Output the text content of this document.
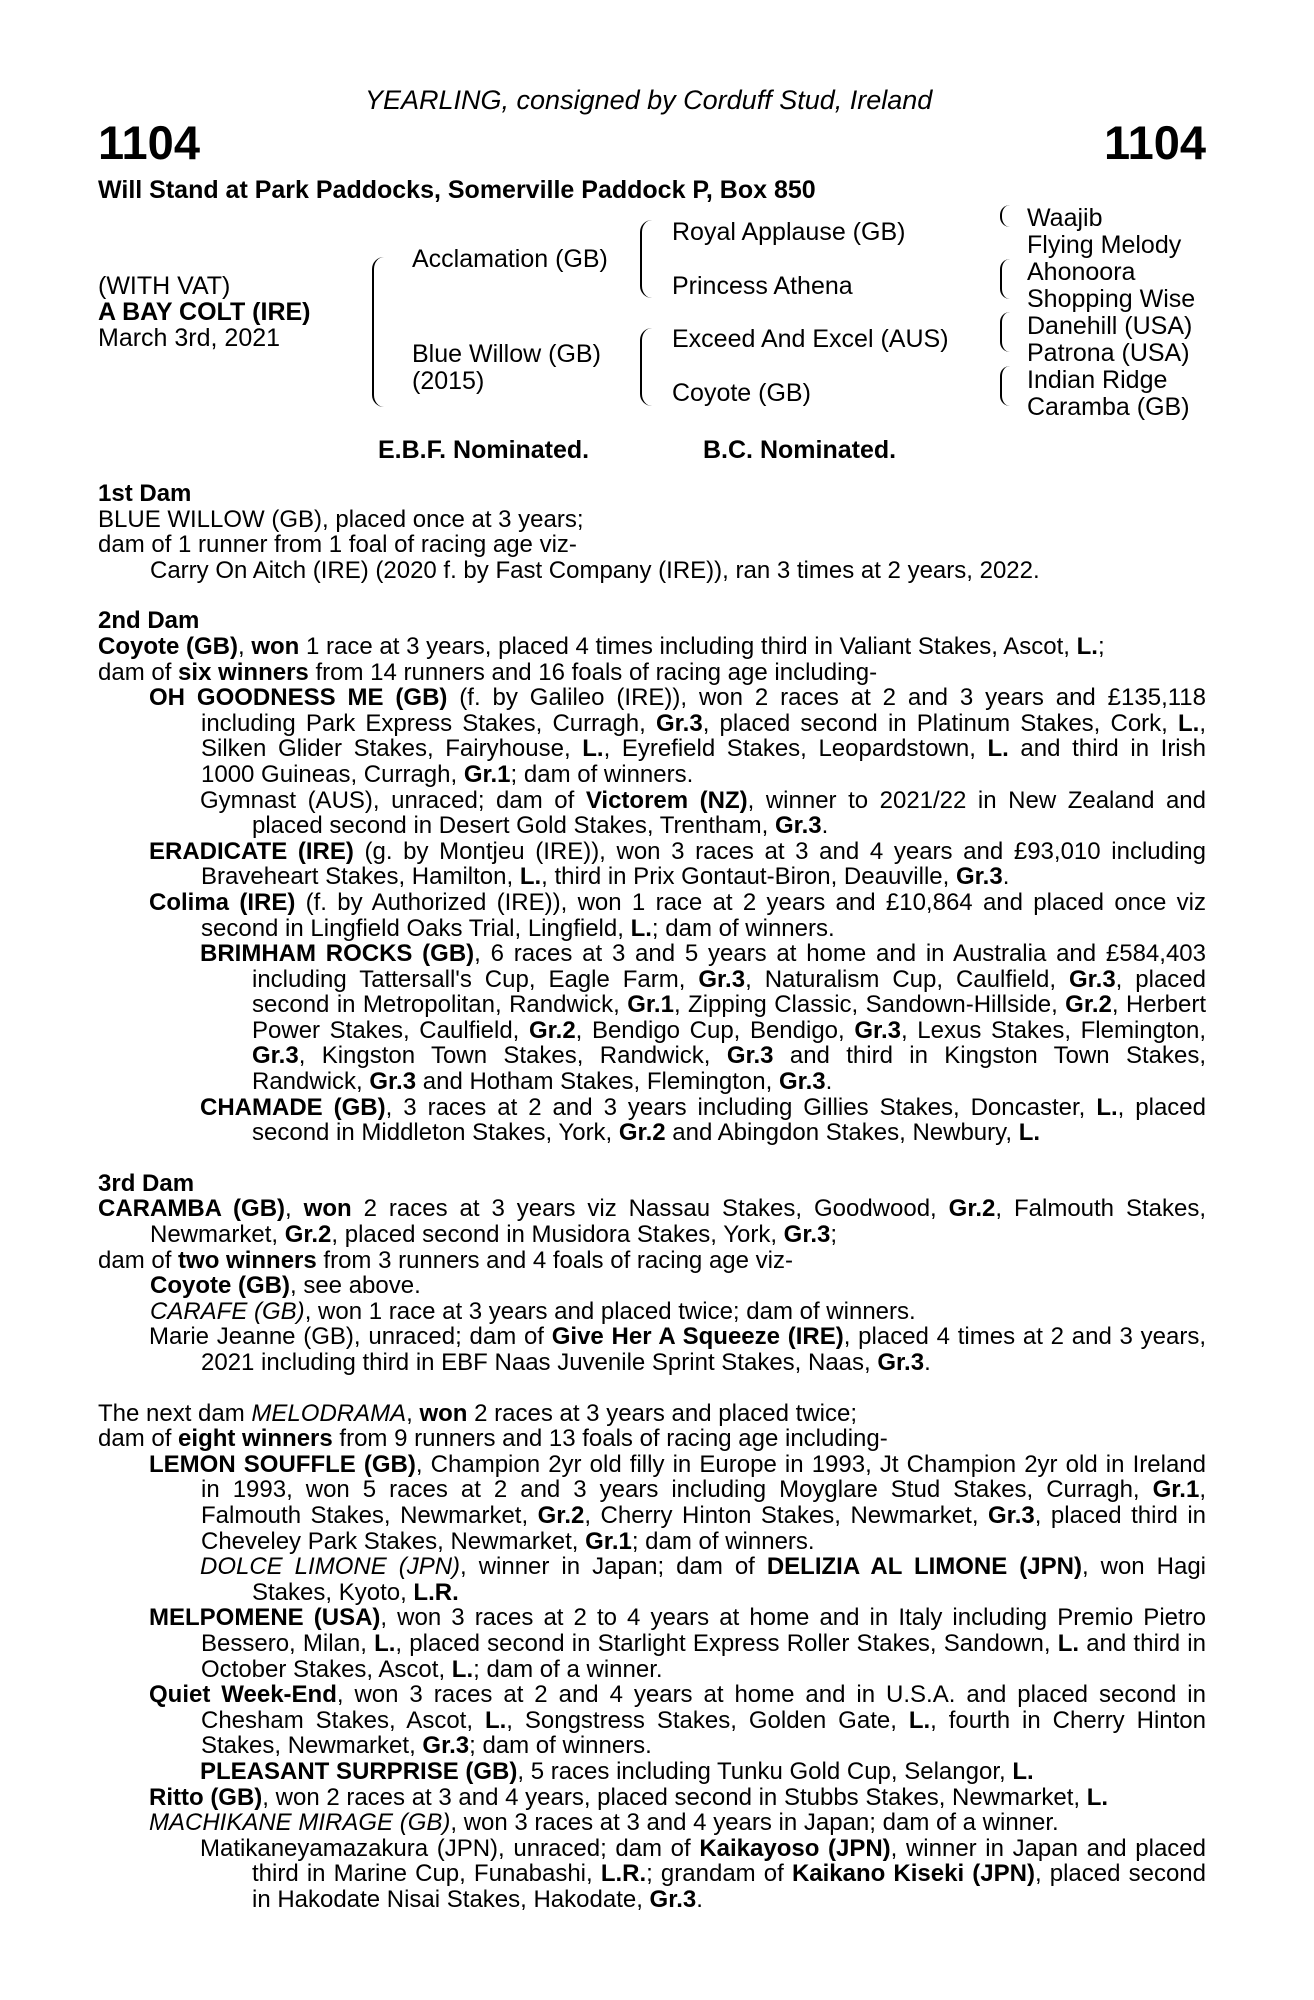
YEARLING, consigned by Corduff Stud, Ireland
1104	1104
Will Stand at Park Paddocks, Somerville Paddock P, Box 850
(WITH VAT)
A BAY COLT (IRE)
March 3rd, 2021
Acclamation (GB)
Blue Willow (GB)
(2015)
Royal Applause (GB)
Princess Athena
Exceed And Excel (AUS)
Coyote (GB)
Waajib
Flying Melody
Ahonoora
Shopping Wise
Danehill (USA)
Patrona (USA)
Indian Ridge
Caramba (GB)
E.B.F. Nominated.	B.C. Nominated.

1st Dam

BLUE WILLOW (GB), placed once at 3 years;

dam of 1 runner from 1 foal of racing age viz-

Carry On Aitch (IRE) (2020 f. by Fast Company (IRE)), ran 3 times at 2 years, 2022.

2nd Dam

Coyote (GB), won 1 race at 3 years, placed 4 times including third in Valiant Stakes, Ascot, L.;

dam of six winners from 14 runners and 16 foals of racing age including-

OH GOODNESS ME (GB) (f. by Galileo (IRE)), won 2 races at 2 and 3 years and £135,118 including Park Express Stakes, Curragh, Gr.3, placed second in Platinum Stakes, Cork, L., Silken Glider Stakes, Fairyhouse, L., Eyrefield Stakes, Leopardstown, L. and third in Irish 1000 Guineas, Curragh, Gr.1; dam of winners.

Gymnast (AUS), unraced; dam of Victorem (NZ), winner to 2021/22 in New Zealand and placed second in Desert Gold Stakes, Trentham, Gr.3.

ERADICATE (IRE) (g. by Montjeu (IRE)), won 3 races at 3 and 4 years and £93,010 including Braveheart Stakes, Hamilton, L., third in Prix Gontaut-Biron, Deauville, Gr.3.

Colima (IRE) (f. by Authorized (IRE)), won 1 race at 2 years and £10,864 and placed once viz second in Lingfield Oaks Trial, Lingfield, L.; dam of winners.

BRIMHAM ROCKS (GB), 6 races at 3 and 5 years at home and in Australia and £584,403 including Tattersall's Cup, Eagle Farm, Gr.3, Naturalism Cup, Caulfield, Gr.3, placed second in Metropolitan, Randwick, Gr.1, Zipping Classic, Sandown-Hillside, Gr.2, Herbert Power Stakes, Caulfield, Gr.2, Bendigo Cup, Bendigo, Gr.3, Lexus Stakes, Flemington, Gr.3, Kingston Town Stakes, Randwick, Gr.3 and third in Kingston Town Stakes, Randwick, Gr.3 and Hotham Stakes, Flemington, Gr.3.

CHAMADE (GB), 3 races at 2 and 3 years including Gillies Stakes, Doncaster, L., placed second in Middleton Stakes, York, Gr.2 and Abingdon Stakes, Newbury, L.

3rd Dam

CARAMBA (GB), won 2 races at 3 years viz Nassau Stakes, Goodwood, Gr.2, Falmouth Stakes, Newmarket, Gr.2, placed second in Musidora Stakes, York, Gr.3;

dam of two winners from 3 runners and 4 foals of racing age viz-

Coyote (GB), see above.

CARAFE (GB), won 1 race at 3 years and placed twice; dam of winners.

Marie Jeanne (GB), unraced; dam of Give Her A Squeeze (IRE), placed 4 times at 2 and 3 years, 2021 including third in EBF Naas Juvenile Sprint Stakes, Naas, Gr.3.

The next dam MELODRAMA, won 2 races at 3 years and placed twice;

dam of eight winners from 9 runners and 13 foals of racing age including-

LEMON SOUFFLE (GB), Champion 2yr old filly in Europe in 1993, Jt Champion 2yr old in Ireland in 1993, won 5 races at 2 and 3 years including Moyglare Stud Stakes, Curragh, Gr.1, Falmouth Stakes, Newmarket, Gr.2, Cherry Hinton Stakes, Newmarket, Gr.3, placed third in Cheveley Park Stakes, Newmarket, Gr.1; dam of winners.

DOLCE LIMONE (JPN), winner in Japan; dam of DELIZIA AL LIMONE (JPN), won Hagi Stakes, Kyoto, L.R.

MELPOMENE (USA), won 3 races at 2 to 4 years at home and in Italy including Premio Pietro Bessero, Milan, L., placed second in Starlight Express Roller Stakes, Sandown, L. and third in October Stakes, Ascot, L.; dam of a winner.

Quiet Week-End, won 3 races at 2 and 4 years at home and in U.S.A. and placed second in Chesham Stakes, Ascot, L., Songstress Stakes, Golden Gate, L., fourth in Cherry Hinton Stakes, Newmarket, Gr.3; dam of winners.

PLEASANT SURPRISE (GB), 5 races including Tunku Gold Cup, Selangor, L.

Ritto (GB), won 2 races at 3 and 4 years, placed second in Stubbs Stakes, Newmarket, L.

MACHIKANE MIRAGE (GB), won 3 races at 3 and 4 years in Japan; dam of a winner.

Matikaneyamazakura (JPN), unraced; dam of Kaikayoso (JPN), winner in Japan and placed third in Marine Cup, Funabashi, L.R.; grandam of Kaikano Kiseki (JPN), placed second in Hakodate Nisai Stakes, Hakodate, Gr.3.
